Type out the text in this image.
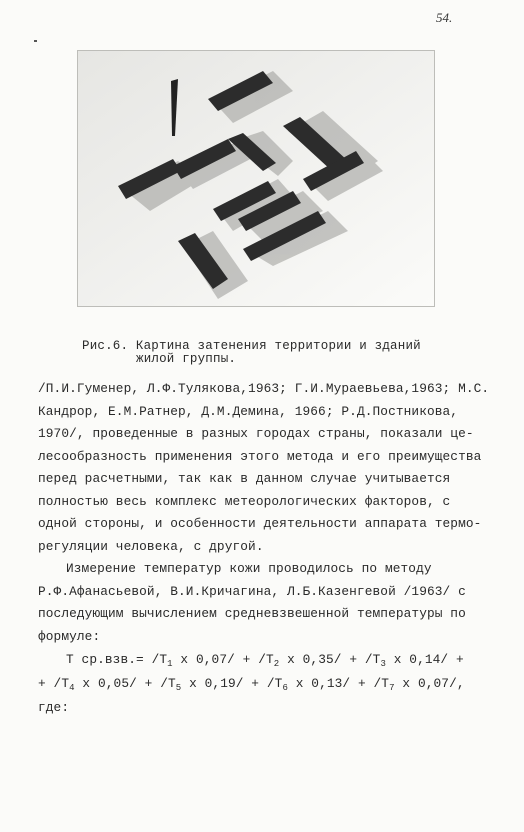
54.
Рис.6. Картина затенения территории и зданий
жилой группы.
/П.И.Гуменер, Л.Ф.Тулякова,1963; Г.И.Мураевьева,1963; М.С.
Кандрор, Е.М.Ратнер, Д.М.Демина, 1966; Р.Д.Постникова,
1970/, проведенные в разных городах страны, показали це-
лесообразность применения этого метода и его преимущества
перед расчетными, так как в данном случае учитывается
полностью весь комплекс метеорологических факторов, с
одной стороны, и особенности деятельности аппарата термо-
регуляции человека, с другой.
Измерение температур кожи проводилось по методу
Р.Ф.Афанасьевой, В.И.Кричагина, Л.Б.Казенгевой /1963/ с
последующим вычислением средневзвешенной температуры по
формуле:
Т $ср.взв.= /Т_1$ х $0,07/ + /Т_2$ х $0,35/ + /Т_3$ х 0,14/ +
+ $/Т_4$ х $0,05/ + /Т_5$ х $0,19/ + /Т_6$ х $0,13/ + /Т_7$ х 0,07/,
где:
